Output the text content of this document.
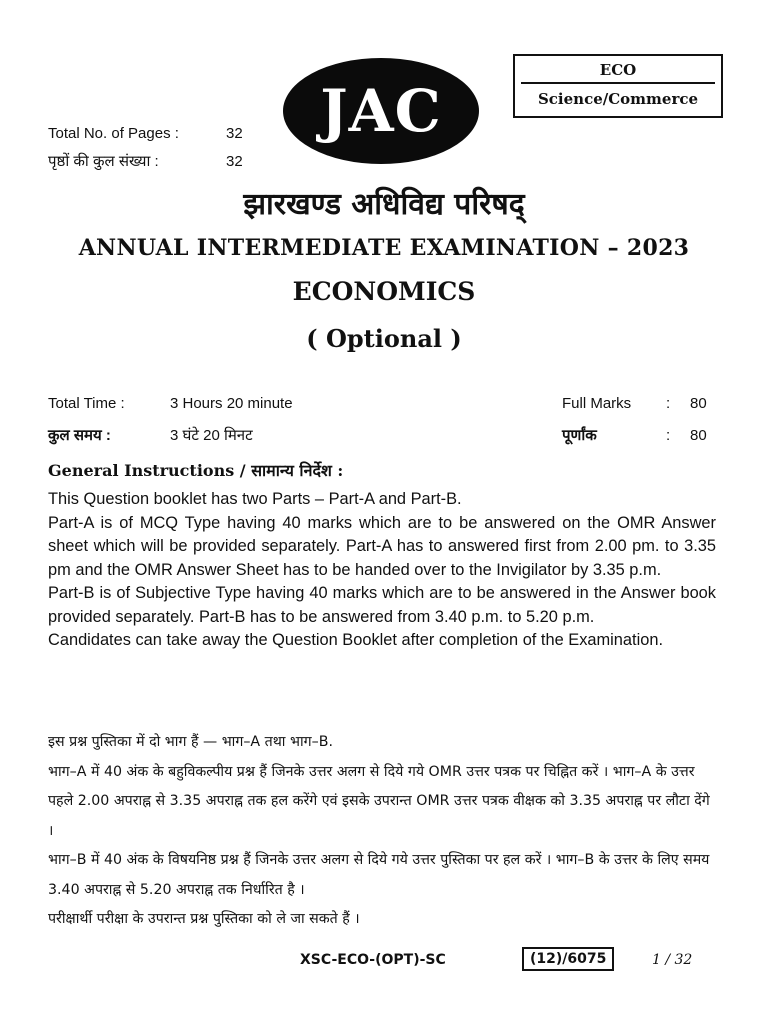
Total No. of Pages :	32
पृष्ठों की कुल संख्या :	32
JAC
ECO
Science/Commerce
झारखण्ड अधिविद्य परिषद्
ANNUAL INTERMEDIATE EXAMINATION – 2023
ECONOMICS
( Optional )
Total Time :	3 Hours 20 minute
कुल समय :	3 घंटे 20 मिनट
Full Marks	:	80
पूर्णांक	:	80
General Instructions / सामान्य निर्देश :

This Question booklet has two Parts – Part-A and Part-B.

Part-A is of MCQ Type having 40 marks which are to be answered on the OMR Answer sheet which will be provided separately. Part-A has to answered first from 2.00 pm. to 3.35 pm and the OMR Answer Sheet has to be handed over to the Invigilator by 3.35 p.m.

Part-B is of Subjective Type having 40 marks which are to be answered in the Answer book provided separately. Part-B has to be answered from 3.40 p.m. to 5.20 p.m.

Candidates can take away the Question Booklet after completion of the Examination.

इस प्रश्न पुस्तिका में दो भाग हैं — भाग–A तथा भाग–B.

भाग–A में 40 अंक के बहुविकल्पीय प्रश्न हैं जिनके उत्तर अलग से दिये गये OMR उत्तर पत्रक पर चिह्नित करें । भाग–A के उत्तर पहले 2.00 अपराह्न से 3.35 अपराह्न तक हल करेंगे एवं इसके उपरान्त OMR उत्तर पत्रक वीक्षक को 3.35 अपराह्न पर लौटा देंगे ।

भाग–B में 40 अंक के विषयनिष्ठ प्रश्न हैं जिनके उत्तर अलग से दिये गये उत्तर पुस्तिका पर हल करें । भाग–B के उत्तर के लिए समय 3.40 अपराह्न से 5.20 अपराह्न तक निर्धारित है ।

परीक्षार्थी परीक्षा के उपरान्त प्रश्न पुस्तिका को ले जा सकते हैं ।

XSC-ECO-(OPT)-SC	(12)/6075	1 / 32
